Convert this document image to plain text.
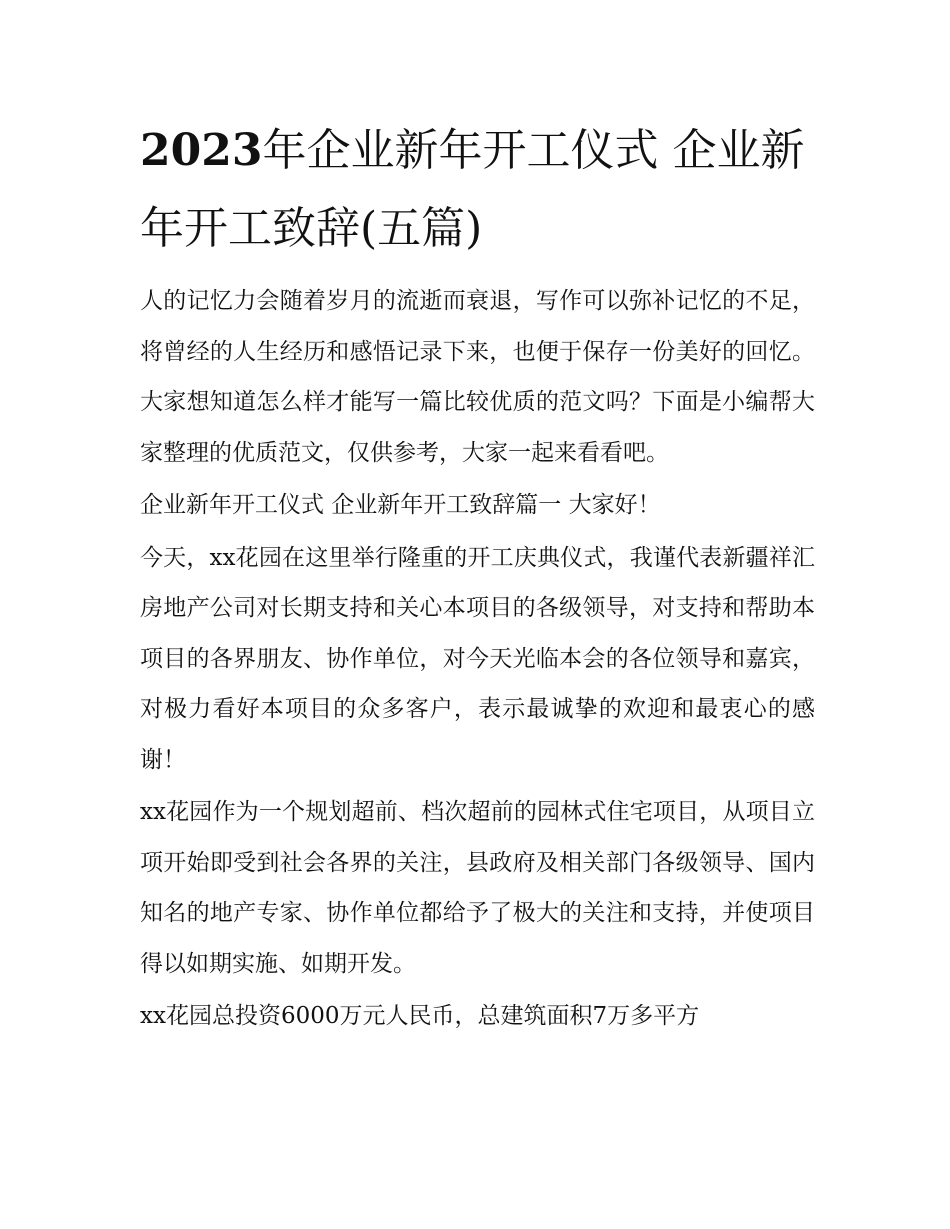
2023年企业新年开工仪式 企业新年开工致辞(五篇)

人的记忆力会随着岁月的流逝而衰退，写作可以弥补记忆的不足，将曾经的人生经历和感悟记录下来，也便于保存一份美好的回忆。大家想知道怎么样才能写一篇比较优质的范文吗？下面是小编帮大家整理的优质范文，仅供参考，大家一起来看看吧。

企业新年开工仪式 企业新年开工致辞篇一 大家好！

今天，xx花园在这里举行隆重的开工庆典仪式，我谨代表新疆祥汇房地产公司对长期支持和关心本项目的各级领导，对支持和帮助本项目的各界朋友、协作单位，对今天光临本会的各位领导和嘉宾，对极力看好本项目的众多客户，表示最诚挚的欢迎和最衷心的感谢！

xx花园作为一个规划超前、档次超前的园林式住宅项目，从项目立项开始即受到社会各界的关注，县政府及相关部门各级领导、国内知名的地产专家、协作单位都给予了极大的关注和支持，并使项目得以如期实施、如期开发。

xx花园总投资6000万元人民币，总建筑面积7万多平方
